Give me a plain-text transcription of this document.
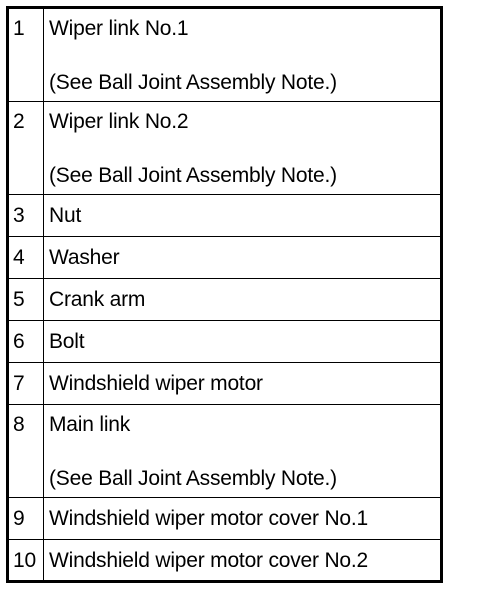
1	Wiper link No.1
(See Ball Joint Assembly Note.)

2	Wiper link No.2
(See Ball Joint Assembly Note.)

3	Nut

4	Washer

5	Crank arm

6	Bolt

7	Windshield wiper motor

8	Main link
(See Ball Joint Assembly Note.)

9	Windshield wiper motor cover No.1

10	Windshield wiper motor cover No.2
